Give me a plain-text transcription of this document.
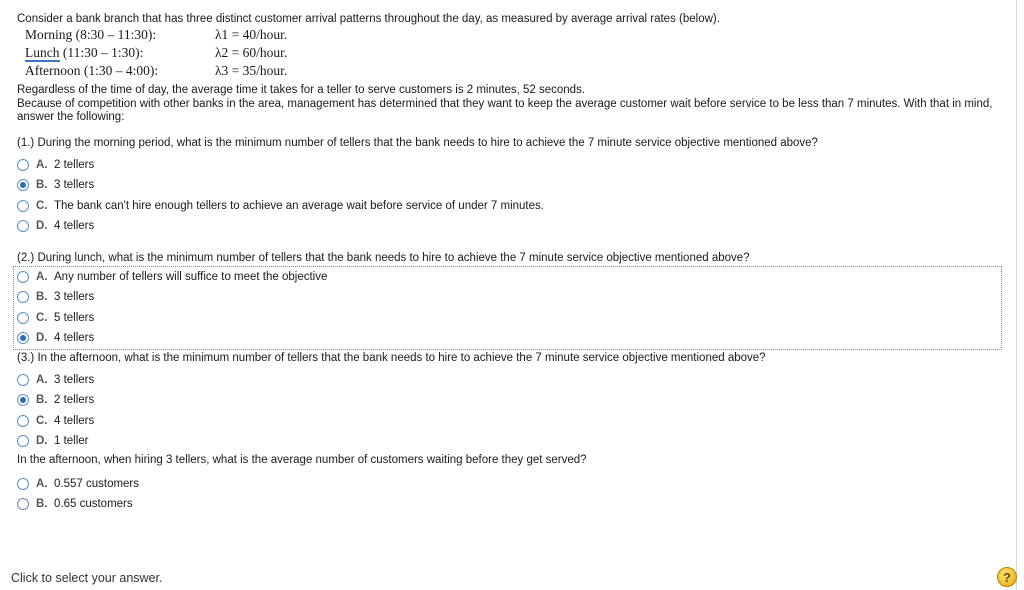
Consider a bank branch that has three distinct customer arrival patterns throughout the day, as measured by average arrival rates (below).

Morning (8:30 – 11:30):	λ1 = 40/hour.
Lunch (11:30 – 1:30):	λ2 = 60/hour.
Afternoon (1:30 – 4:00):	λ3 = 35/hour.

Regardless of the time of day, the average time it takes for a teller to serve customers is 2 minutes, 52 seconds.

Because of competition with other banks in the area, management has determined that they want to keep the average customer wait before service to be less than 7 minutes. With that in mind, answer the following:

(1.) During the morning period, what is the minimum number of tellers that the bank needs to hire to achieve the 7 minute service objective mentioned above?

A. 2 tellers
B. 3 tellers
C. The bank can't hire enough tellers to achieve an average wait before service of under 7 minutes.
D. 4 tellers

(2.) During lunch, what is the minimum number of tellers that the bank needs to hire to achieve the 7 minute service objective mentioned above?

A. Any number of tellers will suffice to meet the objective
B. 3 tellers
C. 5 tellers
D. 4 tellers

(3.) In the afternoon, what is the minimum number of tellers that the bank needs to hire to achieve the 7 minute service objective mentioned above?

A. 3 tellers
B. 2 tellers
C. 4 tellers
D. 1 teller

In the afternoon, when hiring 3 tellers, what is the average number of customers waiting before they get served?

A. 0.557 customers
B. 0.65 customers
Click to select your answer.	?
